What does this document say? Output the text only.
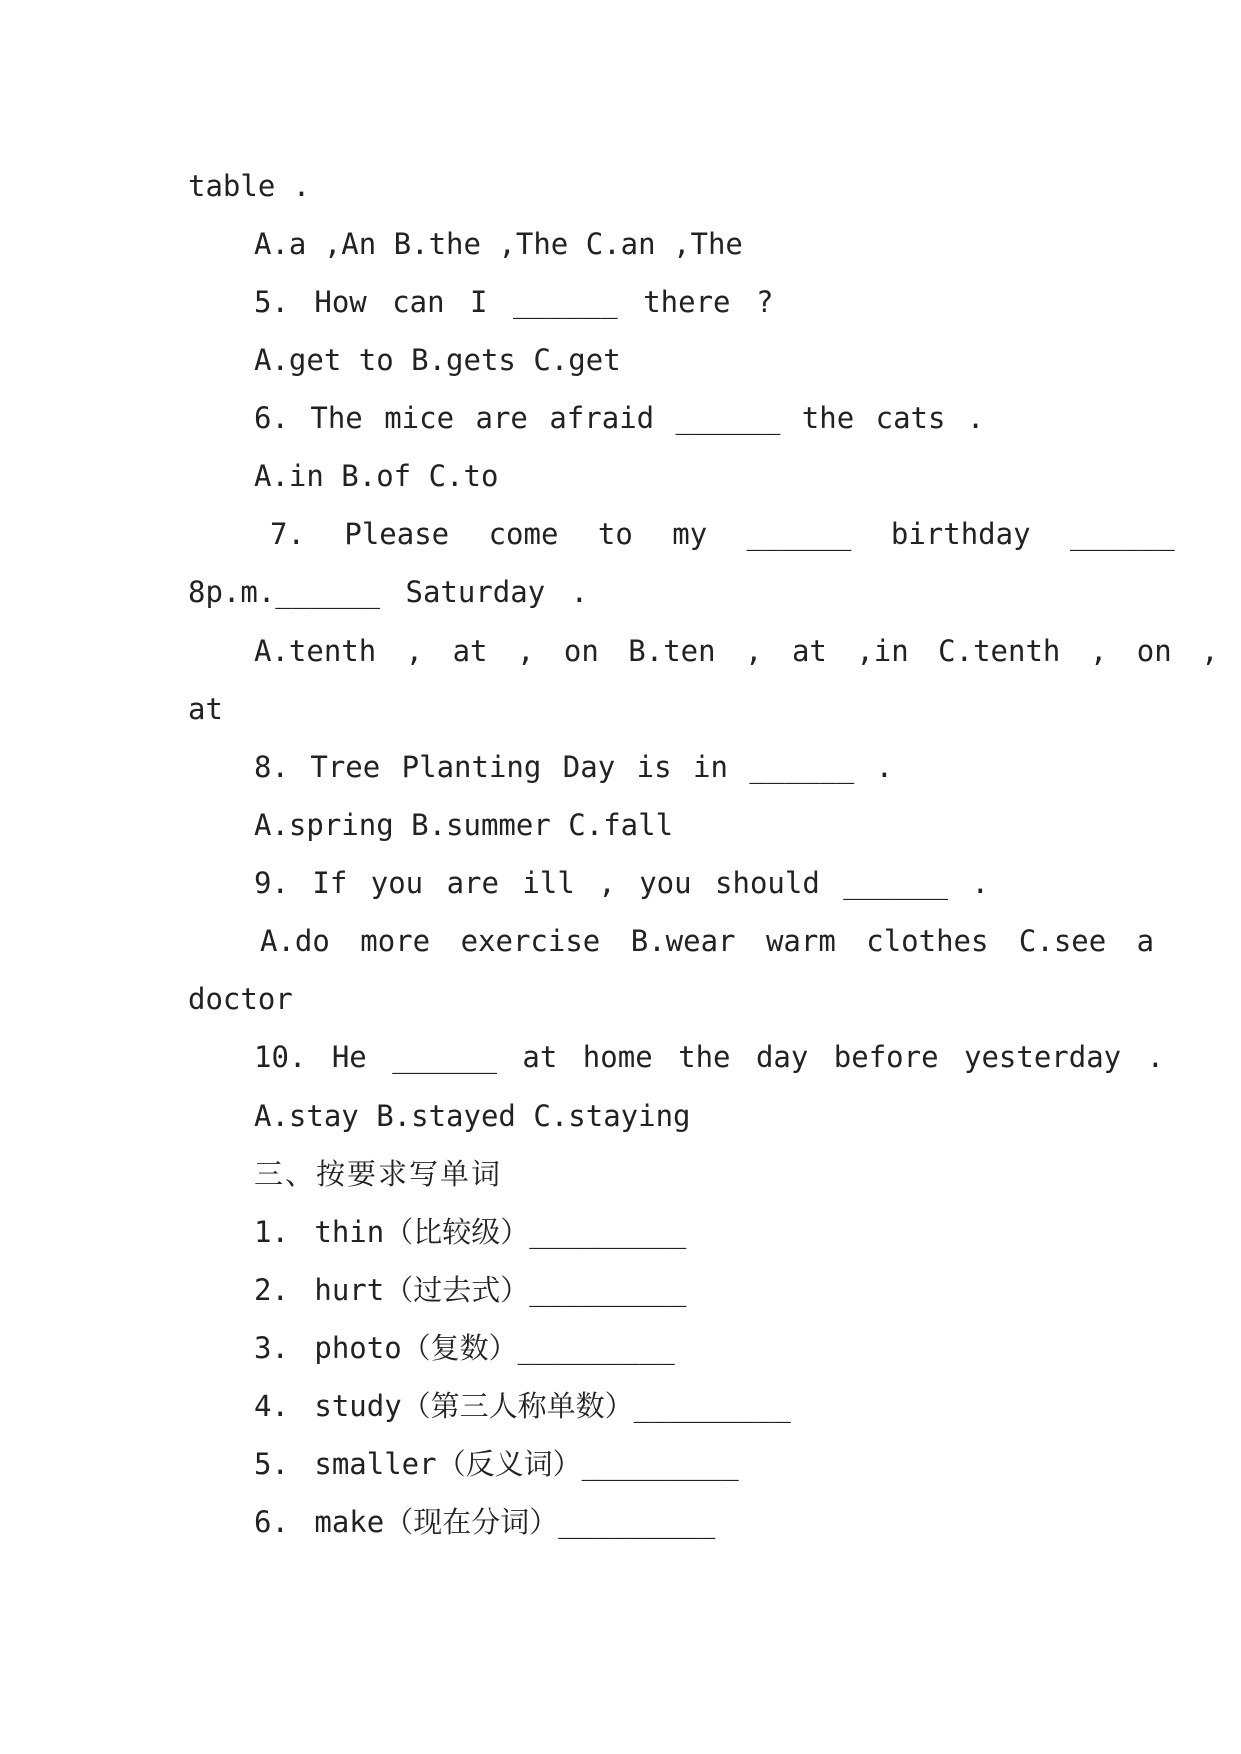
table .
A.a ,An B.the ,The C.an ,The
5. How can I ______ there ?
A.get to B.gets C.get
6. The mice are afraid ______ the cats .
A.in B.of C.to
7. Please come to my ______ birthday ______
8p.m.______ Saturday .
A.tenth , at , on B.ten , at ,in C.tenth , on ,
at
8. Tree Planting Day is in ______ .
A.spring B.summer C.fall
9. If you are ill , you should ______ .
A.do more exercise B.wear warm clothes C.see a
doctor
10. He ______ at home the day before yesterday .
A.stay B.stayed C.staying
三、按要求写单词
1. thin（比较级）_________
2. hurt（过去式）_________
3. photo（复数）_________
4. study（第三人称单数）_________
5. smaller（反义词）_________
6. make（现在分词）_________
